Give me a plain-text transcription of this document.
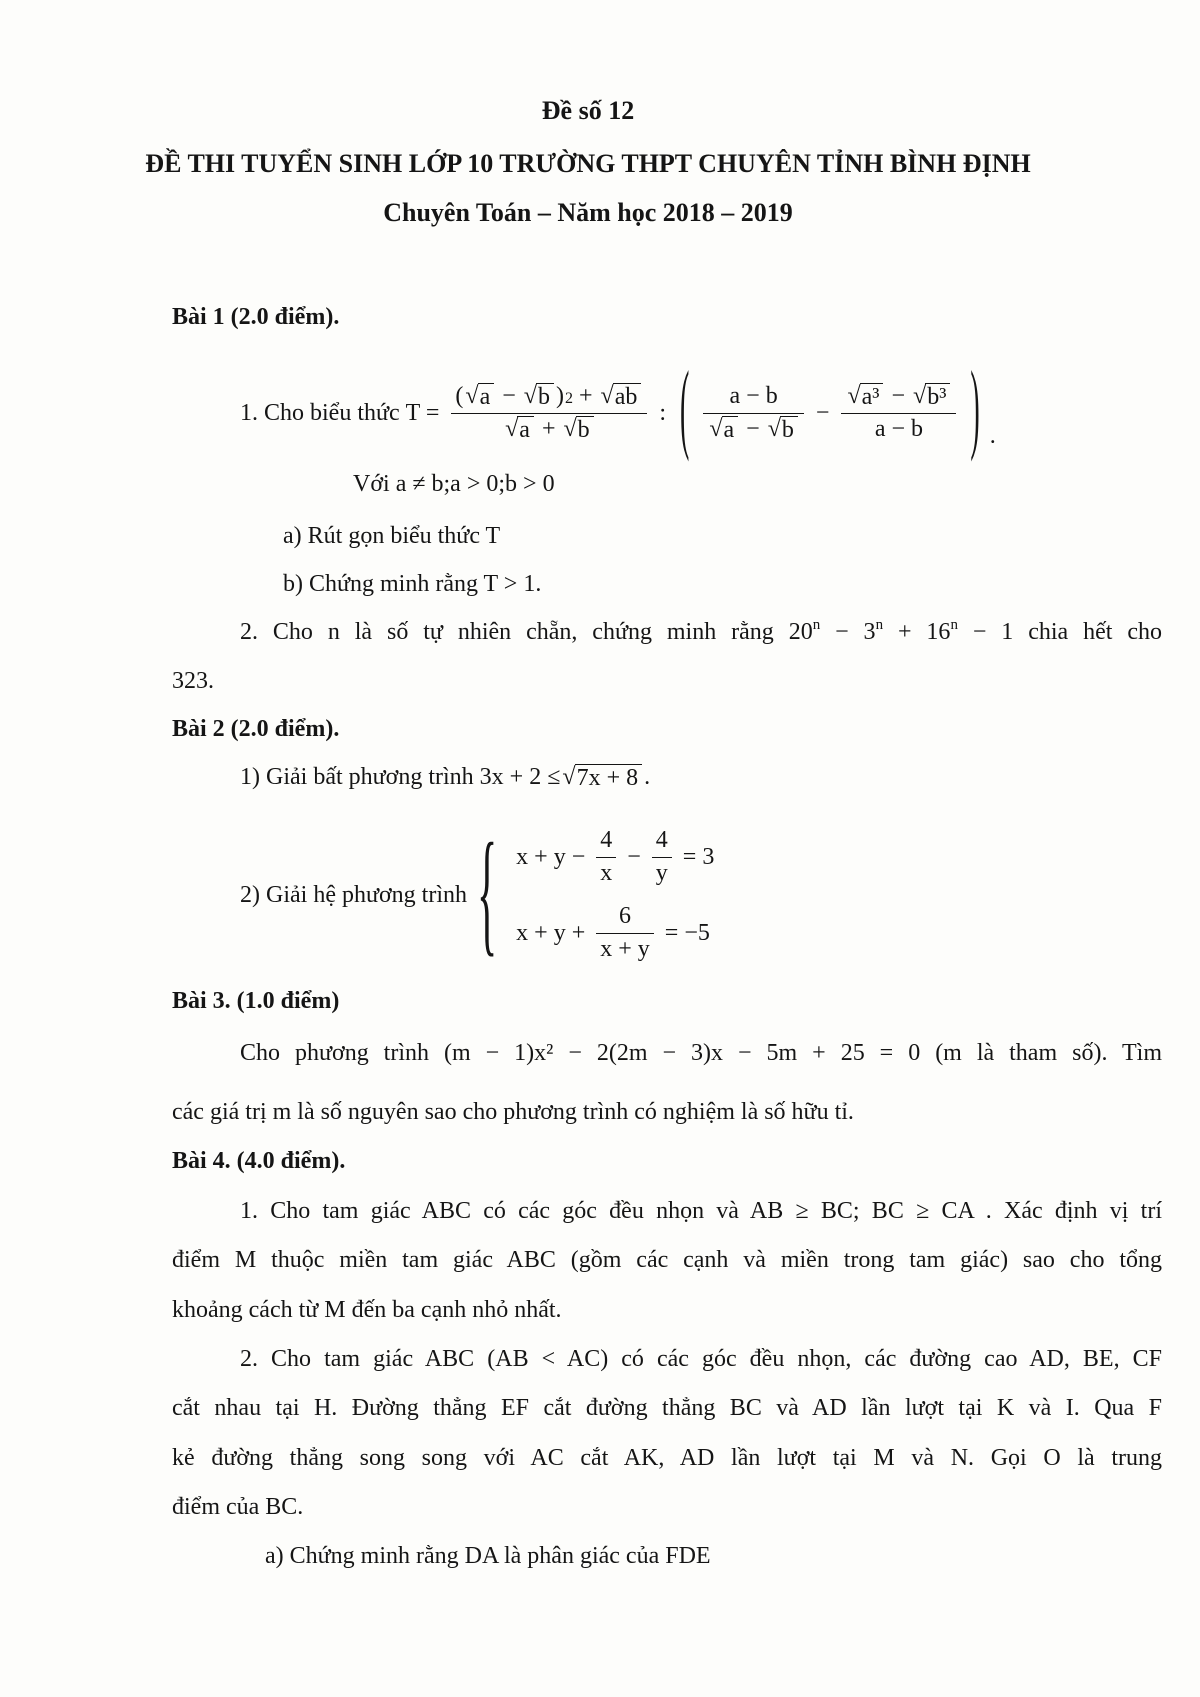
Đề số 12
ĐỀ THI TUYỂN SINH LỚP 10 TRƯỜNG THPT CHUYÊN TỈNH BÌNH ĐỊNH
Chuyên Toán – Năm học 2018 – 2019
Bài 1 (2.0 điểm).
1. Cho biểu thức $T = \frac{( √ a - √ b ) 2 + √ ab}{√ a + √ b}$ : ( $\frac{a - b}{√ a - √ b} - \frac{\text{√ a³ − √ b³}}{a - b}$ ) .
Với a ≠ b;a > 0;b > 0
a) Rút gọn biểu thức T
b) Chứng minh rằng T > 1.
2. Cho n là số tự nhiên chẵn, chứng minh rằng $20^n - 3^n + 16^n - 1$ chia hết cho
323.
Bài 2 (2.0 điểm).
1) Giải bất phương trình
3x + 2 ≤ √ 7x + 8 .
2) Giải hệ phương trình { $x + y - \frac{4}{x} - \frac{4}{y} = 3$
$x + y + \frac{6}{x + y} = -5$
Bài 3. (1.0 điểm)
Cho phương trình (m − 1)x² − 2(2m − 3)x − 5m + 25 = 0 (m là tham số). Tìm
các giá trị m là số nguyên sao cho phương trình có nghiệm là số hữu tỉ.
Bài 4. (4.0 điểm).
1. Cho tam giác ABC có các góc đều nhọn và AB ≥ BC; BC ≥ CA . Xác định vị trí
điểm M thuộc miền tam giác ABC (gồm các cạnh và miền trong tam giác) sao cho tổng
khoảng cách từ M đến ba cạnh nhỏ nhất.
2. Cho tam giác ABC (AB < AC) có các góc đều nhọn, các đường cao AD, BE, CF
cắt nhau tại H. Đường thẳng EF cắt đường thẳng BC và AD lần lượt tại K và I. Qua F
kẻ đường thẳng song song với AC cắt AK, AD lần lượt tại M và N. Gọi O là trung
điểm của BC.
a) Chứng minh rằng DA là phân giác của FDE
